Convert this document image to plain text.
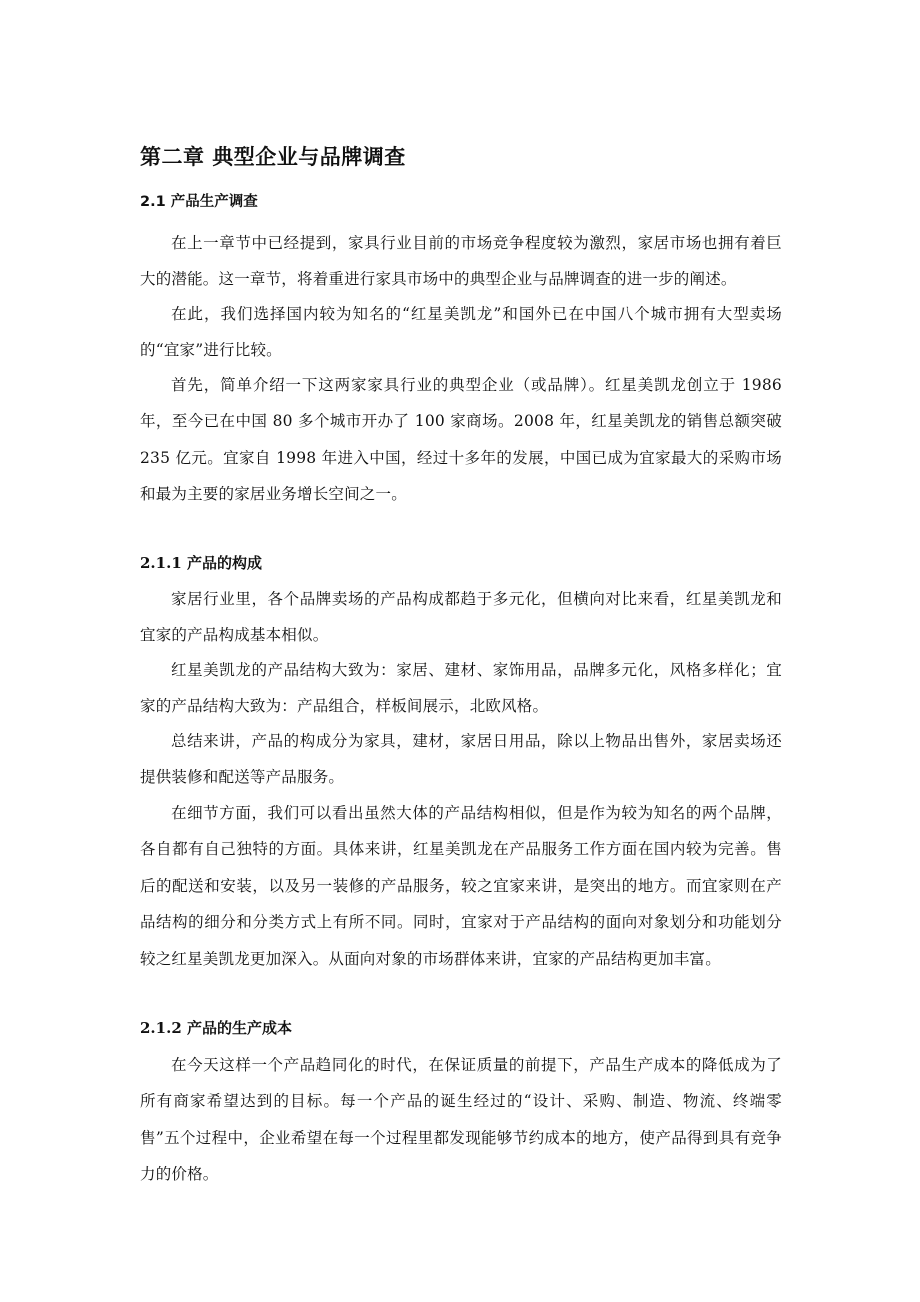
第二章 典型企业与品牌调查
2.1 产品生产调查

在上一章节中已经提到，家具行业目前的市场竞争程度较为激烈，家居市场也拥有着巨大的潜能。这一章节，将着重进行家具市场中的典型企业与品牌调查的进一步的阐述。

在此，我们选择国内较为知名的“红星美凯龙”和国外已在中国八个城市拥有大型卖场的“宜家”进行比较。

首先，简单介绍一下这两家家具行业的典型企业（或品牌）。红星美凯龙创立于 1986 年，至今已在中国 80 多个城市开办了 100 家商场。2008 年，红星美凯龙的销售总额突破 235 亿元。宜家自 1998 年进入中国，经过十多年的发展，中国已成为宜家最大的采购市场和最为主要的家居业务增长空间之一。

2.1.1 产品的构成

家居行业里，各个品牌卖场的产品构成都趋于多元化，但横向对比来看，红星美凯龙和宜家的产品构成基本相似。

红星美凯龙的产品结构大致为：家居、建材、家饰用品，品牌多元化，风格多样化；宜家的产品结构大致为：产品组合，样板间展示，北欧风格。

总结来讲，产品的构成分为家具，建材，家居日用品，除以上物品出售外，家居卖场还提供装修和配送等产品服务。

在细节方面，我们可以看出虽然大体的产品结构相似，但是作为较为知名的两个品牌，各自都有自己独特的方面。具体来讲，红星美凯龙在产品服务工作方面在国内较为完善。售后的配送和安装，以及另一装修的产品服务，较之宜家来讲，是突出的地方。而宜家则在产品结构的细分和分类方式上有所不同。同时，宜家对于产品结构的面向对象划分和功能划分较之红星美凯龙更加深入。从面向对象的市场群体来讲，宜家的产品结构更加丰富。

2.1.2 产品的生产成本

在今天这样一个产品趋同化的时代，在保证质量的前提下，产品生产成本的降低成为了所有商家希望达到的目标。每一个产品的诞生经过的“设计、采购、制造、物流、终端零售”五个过程中，企业希望在每一个过程里都发现能够节约成本的地方，使产品得到具有竞争力的价格。
